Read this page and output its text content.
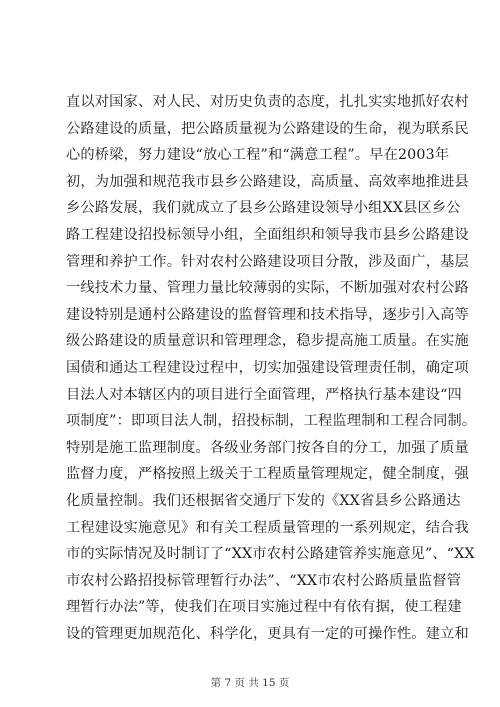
直以对国家、对人民、对历史负责的态度，扎扎实实地抓好农村
公路建设的质量，把公路质量视为公路建设的生命，视为联系民
心的桥梁，努力建设“放心工程”和“满意工程”。早在2003年
初，为加强和规范我市县乡公路建设，高质量、高效率地推进县
乡公路发展，我们就成立了县乡公路建设领导小组XX县区乡公
路工程建设招投标领导小组，全面组织和领导我市县乡公路建设
管理和养护工作。针对农村公路建设项目分散，涉及面广，基层
一线技术力量、管理力量比较薄弱的实际，不断加强对农村公路
建设特别是通村公路建设的监督管理和技术指导，逐步引入高等
级公路建设的质量意识和管理理念，稳步提高施工质量。在实施
国债和通达工程建设过程中，切实加强建设管理责任制，确定项
目法人对本辖区内的项目进行全面管理，严格执行基本建设“四
项制度”：即项目法人制，招投标制，工程监理制和工程合同制。
特别是施工监理制度。各级业务部门按各自的分工，加强了质量
监督力度，严格按照上级关于工程质量管理规定，健全制度，强
化质量控制。我们还根据省交通厅下发的《XX省县乡公路通达
工程建设实施意见》和有关工程质量管理的一系列规定，结合我
市的实际情况及时制订了“XX市农村公路建管养实施意见”、“XX
市农村公路招投标管理暂行办法”、“XX市农村公路质量监督管
理暂行办法”等，使我们在项目实施过程中有依有据，使工程建
设的管理更加规范化、科学化，更具有一定的可操作性。建立和
第 7 页 共 15 页
